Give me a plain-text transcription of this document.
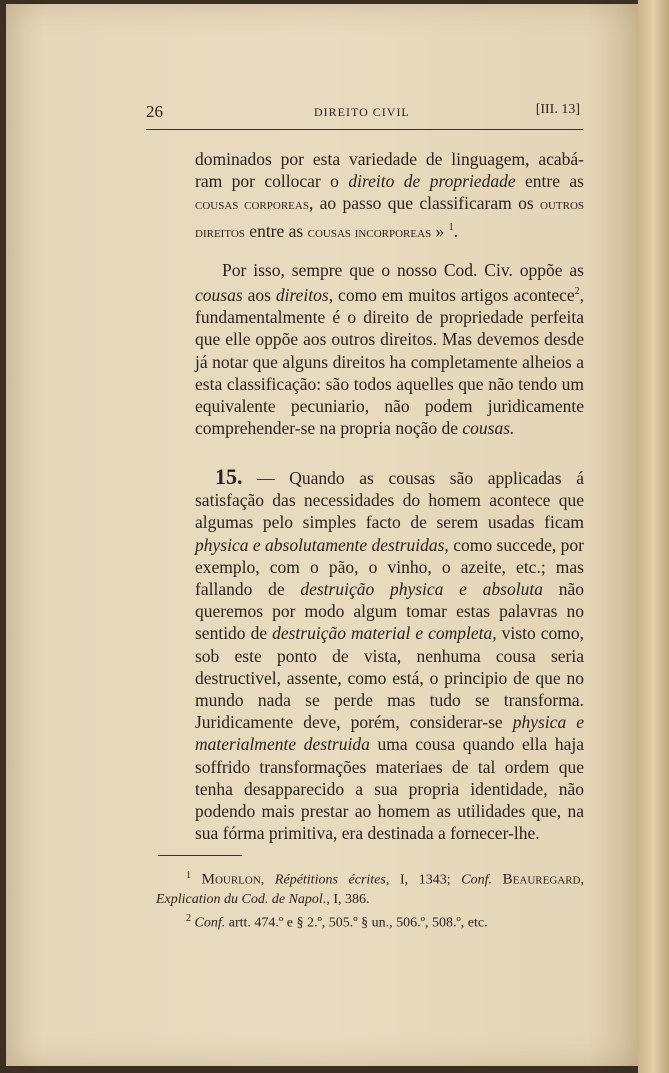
26	DIREITO CIVIL	[III. 13]
dominados por esta variedade de linguagem, acabá-ram por collocar o direito de propriedade entre as cousas corporeas, ao passo que classificaram os outros direitos entre as cousas incorporeas » $^1$.
Por isso, sempre que o nosso Cod. Civ. oppõe as cousas aos direitos, como em muitos artigos acontece$^2$, fundamentalmente é o direito de propriedade perfeita que elle oppõe aos outros direitos. Mas devemos desde já notar que alguns direitos ha completamente alheios a esta classificação: são todos aquelles que não tendo um equivalente pecuniario, não podem juridicamente comprehender-se na propria noção de cousas.
15. — Quando as cousas são applicadas á satisfação das necessidades do homem acontece que algumas pelo simples facto de serem usadas ficam physica e absolutamente destruidas, como succede, por exemplo, com o pão, o vinho, o azeite, etc.; mas fallando de destruição physica e absoluta não queremos por modo algum tomar estas palavras no sentido de destruição material e completa, visto como, sob este ponto de vista, nenhuma cousa seria destructivel, assente, como está, o principio de que no mundo nada se perde mas tudo se transforma. Juridicamente deve, porém, considerar-se physica e materialmente destruida uma cousa quando ella haja soffrido transformações materiaes de tal ordem que tenha desapparecido a sua propria identidade, não podendo mais prestar ao homem as utilidades que, na sua fórma primitiva, era destinada a fornecer-lhe.

$^1$ Mourlon, Répétitions écrites, I, 1343; Conf. Beauregard, Explication du Cod. de Napol., I, 386.

$^2$ Conf. artt. 474.º e § 2.º, 505.º § un., 506.º, 508.º, etc.
